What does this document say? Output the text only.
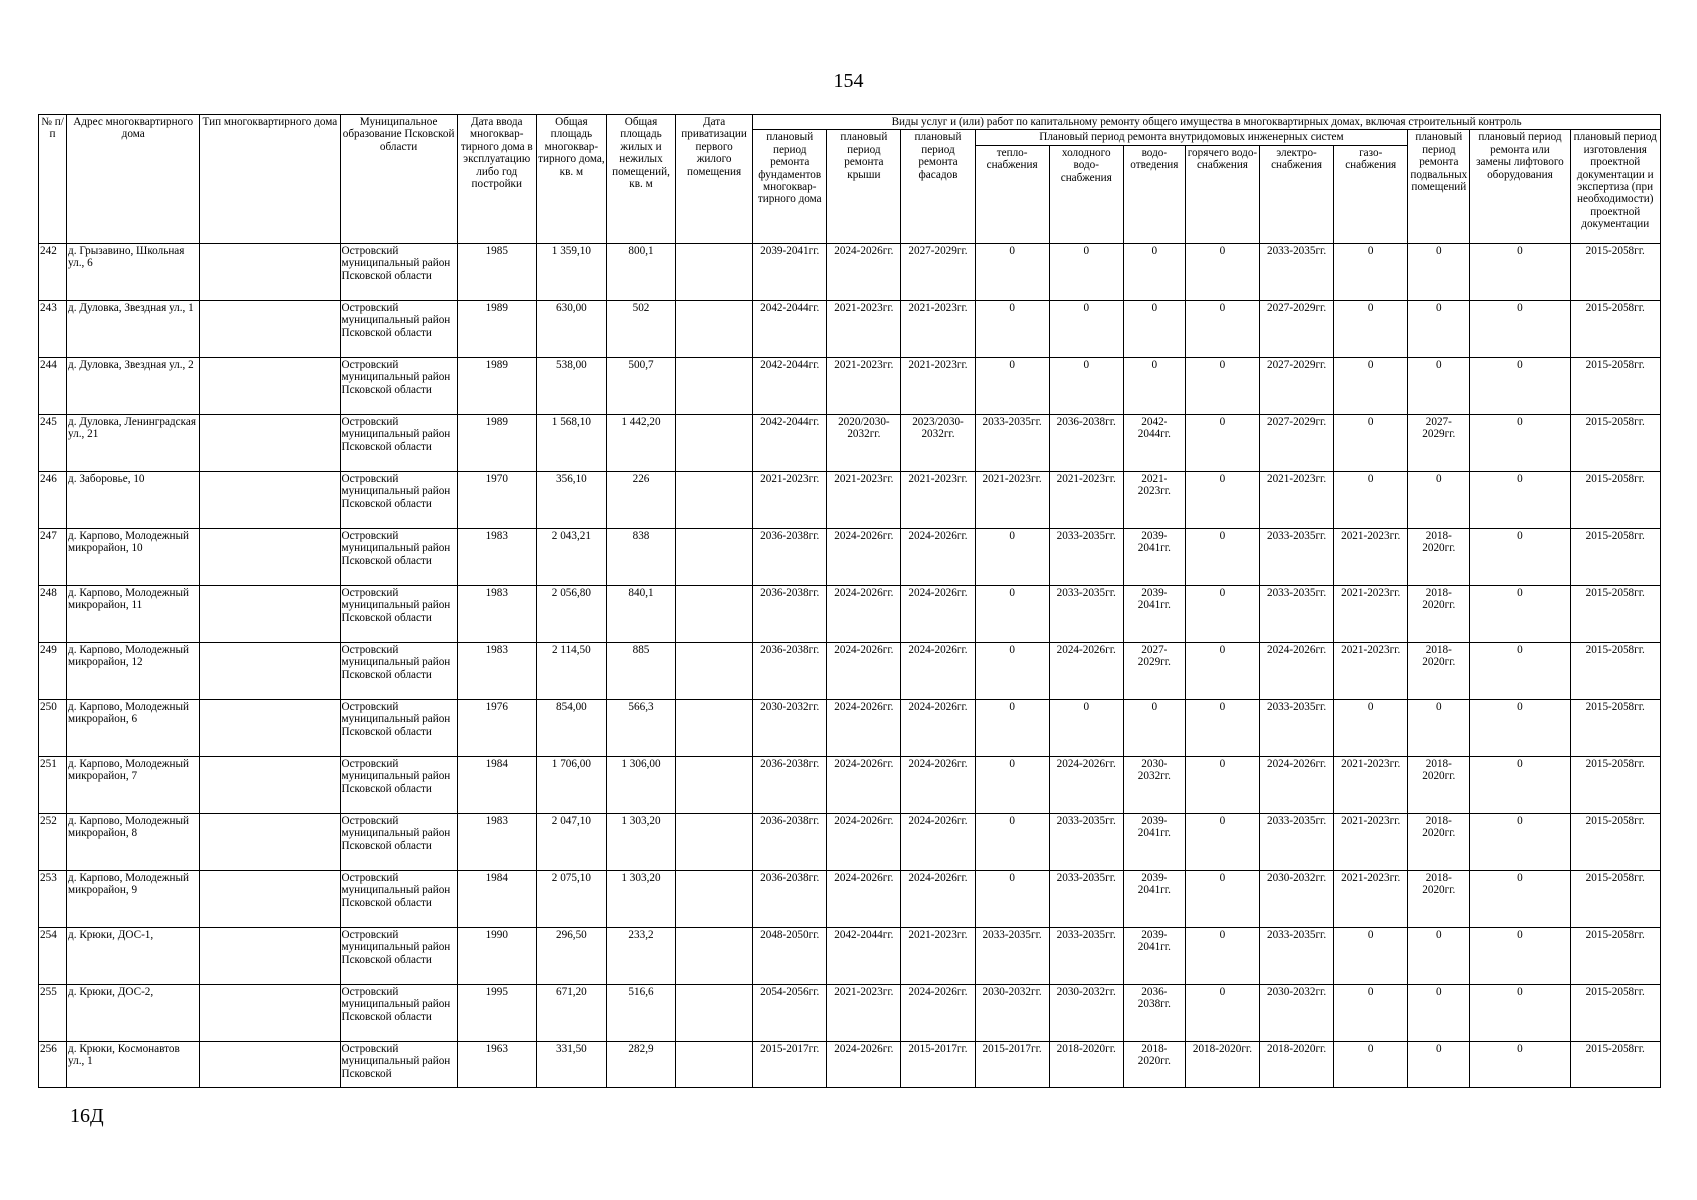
154
№ п/п	Адрес многоквартирного дома	Тип многоквартирного дома	Муниципальное образование Псковской области	Дата ввода многоквар-тирного дома в эксплуатацию либо год постройки	Общая площадь многоквар-тирного дома, кв. м	Общая площадь жилых и нежилых помещений, кв. м	Дата приватизации первого жилого помещения	Виды услуг и (или) работ по капитальному ремонту общего имущества в многоквартирных домах, включая строительный контроль											
								плановый период ремонта фундаментов многоквар-тирного дома	плановый период ремонта крыши	плановый период ремонта фасадов	Плановый период ремонта внутридомовых инженерных систем						плановый период ремонта подвальных помещений	плановый период ремонта или замены лифтового оборудования	плановый период изготовления проектной документации и экспертиза (при необходимости) проектной документации
											тепло-снабжения	холодного водо-снабжения	водо-отведения	горячего водо-снабжения	электро-снабжения	газо-снабжения			
242	д. Грызавино, Школьная ул., 6		Островский муниципальный район Псковской области	1985	1 359,10	800,1		2039-2041гг.	2024-2026гг.	2027-2029гг.	0	0	0	0	2033-2035гг.	0	0	0	2015-2058гг.
243	д. Дуловка, Звездная ул., 1		Островский муниципальный район Псковской области	1989	630,00	502		2042-2044гг.	2021-2023гг.	2021-2023гг.	0	0	0	0	2027-2029гг.	0	0	0	2015-2058гг.
244	д. Дуловка, Звездная ул., 2		Островский муниципальный район Псковской области	1989	538,00	500,7		2042-2044гг.	2021-2023гг.	2021-2023гг.	0	0	0	0	2027-2029гг.	0	0	0	2015-2058гг.
245	д. Дуловка, Ленинградская ул., 21		Островский муниципальный район Псковской области	1989	1 568,10	1 442,20		2042-2044гг.	2020/2030-2032гг.	2023/2030-2032гг.	2033-2035гг.	2036-2038гг.	2042-2044гг.	0	2027-2029гг.	0	2027-2029гг.	0	2015-2058гг.
246	д. Заборовье, 10		Островский муниципальный район Псковской области	1970	356,10	226		2021-2023гг.	2021-2023гг.	2021-2023гг.	2021-2023гг.	2021-2023гг.	2021-2023гг.	0	2021-2023гг.	0	0	0	2015-2058гг.
247	д. Карпово, Молодежный микрорайон, 10		Островский муниципальный район Псковской области	1983	2 043,21	838		2036-2038гг.	2024-2026гг.	2024-2026гг.	0	2033-2035гг.	2039-2041гг.	0	2033-2035гг.	2021-2023гг.	2018-2020гг.	0	2015-2058гг.
248	д. Карпово, Молодежный микрорайон, 11		Островский муниципальный район Псковской области	1983	2 056,80	840,1		2036-2038гг.	2024-2026гг.	2024-2026гг.	0	2033-2035гг.	2039-2041гг.	0	2033-2035гг.	2021-2023гг.	2018-2020гг.	0	2015-2058гг.
249	д. Карпово, Молодежный микрорайон, 12		Островский муниципальный район Псковской области	1983	2 114,50	885		2036-2038гг.	2024-2026гг.	2024-2026гг.	0	2024-2026гг.	2027-2029гг.	0	2024-2026гг.	2021-2023гг.	2018-2020гг.	0	2015-2058гг.
250	д. Карпово, Молодежный микрорайон, 6		Островский муниципальный район Псковской области	1976	854,00	566,3		2030-2032гг.	2024-2026гг.	2024-2026гг.	0	0	0	0	2033-2035гг.	0	0	0	2015-2058гг.
251	д. Карпово, Молодежный микрорайон, 7		Островский муниципальный район Псковской области	1984	1 706,00	1 306,00		2036-2038гг.	2024-2026гг.	2024-2026гг.	0	2024-2026гг.	2030-2032гг.	0	2024-2026гг.	2021-2023гг.	2018-2020гг.	0	2015-2058гг.
252	д. Карпово, Молодежный микрорайон, 8		Островский муниципальный район Псковской области	1983	2 047,10	1 303,20		2036-2038гг.	2024-2026гг.	2024-2026гг.	0	2033-2035гг.	2039-2041гг.	0	2033-2035гг.	2021-2023гг.	2018-2020гг.	0	2015-2058гг.
253	д. Карпово, Молодежный микрорайон, 9		Островский муниципальный район Псковской области	1984	2 075,10	1 303,20		2036-2038гг.	2024-2026гг.	2024-2026гг.	0	2033-2035гг.	2039-2041гг.	0	2030-2032гг.	2021-2023гг.	2018-2020гг.	0	2015-2058гг.
254	д. Крюки, ДОС-1,		Островский муниципальный район Псковской области	1990	296,50	233,2		2048-2050гг.	2042-2044гг.	2021-2023гг.	2033-2035гг.	2033-2035гг.	2039-2041гг.	0	2033-2035гг.	0	0	0	2015-2058гг.
255	д. Крюки, ДОС-2,		Островский муниципальный район Псковской области	1995	671,20	516,6		2054-2056гг.	2021-2023гг.	2024-2026гг.	2030-2032гг.	2030-2032гг.	2036-2038гг.	0	2030-2032гг.	0	0	0	2015-2058гг.
256	д. Крюки, Космонавтов ул., 1		Островский муниципальный район Псковской	1963	331,50	282,9		2015-2017гг.	2024-2026гг.	2015-2017гг.	2015-2017гг.	2018-2020гг.	2018-2020гг.	2018-2020гг.	2018-2020гг.	0	0	0	2015-2058гг.
16Д
